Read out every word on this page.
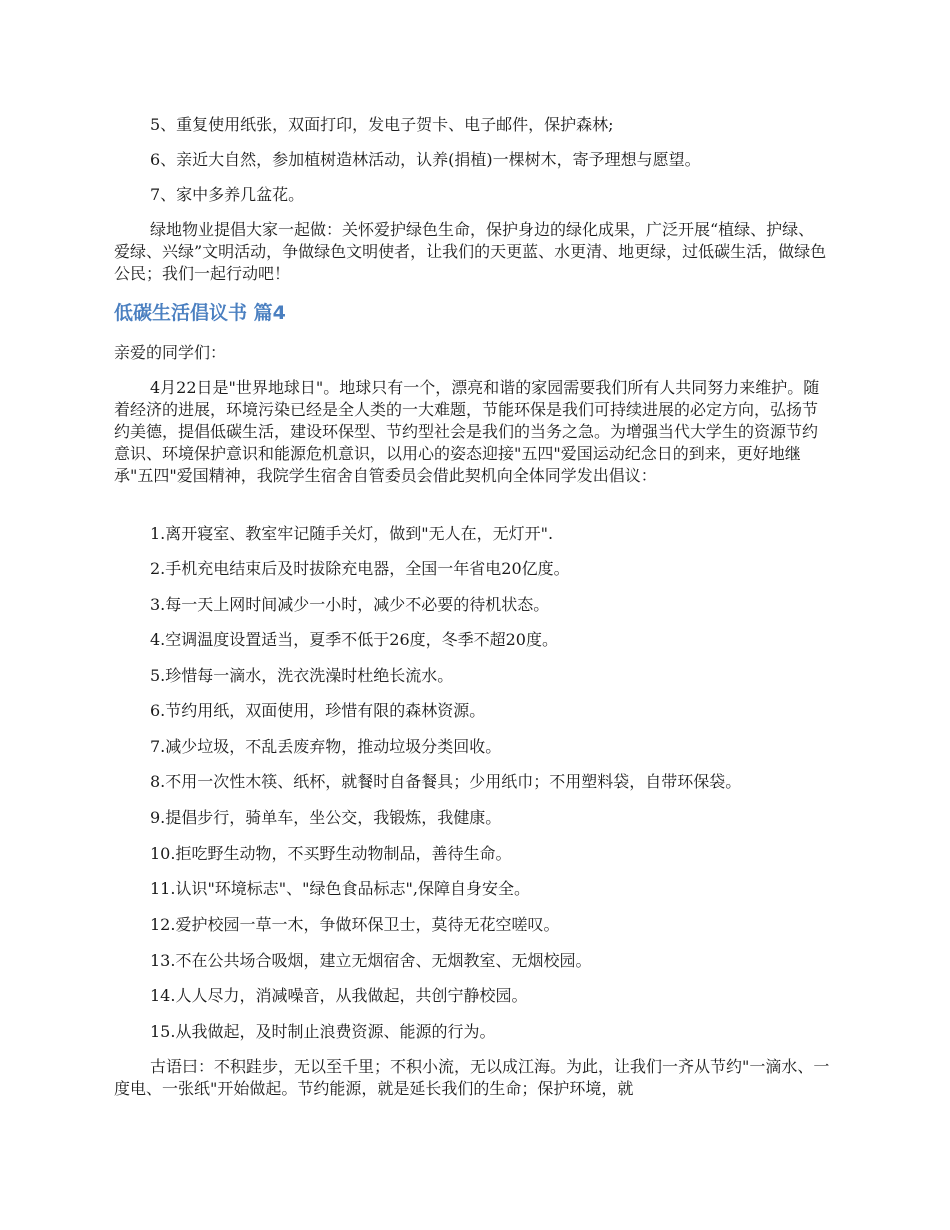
5、重复使用纸张，双面打印，发电子贺卡、电子邮件，保护森林;

6、亲近大自然，参加植树造林活动，认养(捐植)一棵树木，寄予理想与愿望。

7、家中多养几盆花。

绿地物业提倡大家一起做：关怀爱护绿色生命，保护身边的绿化成果，广泛开展“植绿、护绿、爱绿、兴绿”文明活动，争做绿色文明使者，让我们的天更蓝、水更清、地更绿，过低碳生活，做绿色公民；我们一起行动吧！

低碳生活倡议书 篇4

亲爱的同学们：

4月22日是"世界地球日"。地球只有一个，漂亮和谐的家园需要我们所有人共同努力来维护。随着经济的进展，环境污染已经是全人类的一大难题，节能环保是我们可持续进展的必定方向，弘扬节约美德，提倡低碳生活，建设环保型、节约型社会是我们的当务之急。为增强当代大学生的资源节约意识、环境保护意识和能源危机意识，以用心的姿态迎接"五四"爱国运动纪念日的到来，更好地继承"五四"爱国精神，我院学生宿舍自管委员会借此契机向全体同学发出倡议：

1.离开寝室、教室牢记随手关灯，做到"无人在，无灯开".

2.手机充电结束后及时拔除充电器，全国一年省电20亿度。

3.每一天上网时间减少一小时，减少不必要的待机状态。

4.空调温度设置适当，夏季不低于26度，冬季不超20度。

5.珍惜每一滴水，洗衣洗澡时杜绝长流水。

6.节约用纸，双面使用，珍惜有限的森林资源。

7.减少垃圾，不乱丢废弃物，推动垃圾分类回收。

8.不用一次性木筷、纸杯，就餐时自备餐具；少用纸巾；不用塑料袋，自带环保袋。

9.提倡步行，骑单车，坐公交，我锻炼，我健康。

10.拒吃野生动物，不买野生动物制品，善待生命。

11.认识"环境标志"、"绿色食品标志",保障自身安全。

12.爱护校园一草一木，争做环保卫士，莫待无花空嗟叹。

13.不在公共场合吸烟，建立无烟宿舍、无烟教室、无烟校园。

14.人人尽力，消减噪音，从我做起，共创宁静校园。

15.从我做起，及时制止浪费资源、能源的行为。

古语曰：不积跬步，无以至千里；不积小流，无以成江海。为此，让我们一齐从节约"一滴水、一度电、一张纸"开始做起。节约能源，就是延长我们的生命；保护环境，就
